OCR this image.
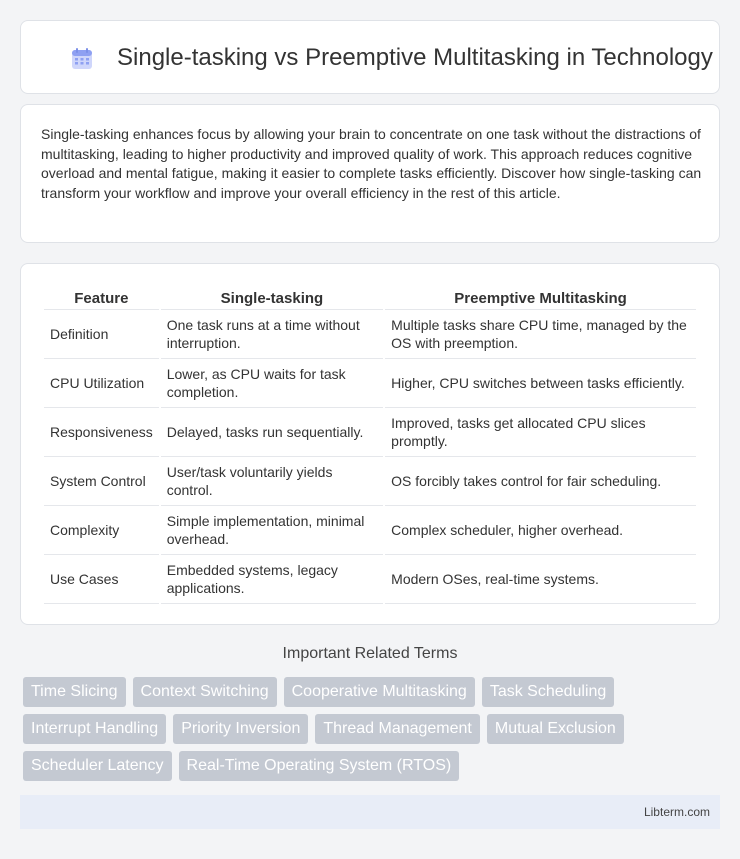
Single-tasking vs Preemptive Multitasking in Technology

Single-tasking enhances focus by allowing your brain to concentrate on one task without the distractions of multitasking, leading to higher productivity and improved quality of work. This approach reduces cognitive overload and mental fatigue, making it easier to complete tasks efficiently. Discover how single-tasking can transform your workflow and improve your overall efficiency in the rest of this article.

Feature	Single-tasking	Preemptive Multitasking
Definition	One task runs at a time without interruption.	Multiple tasks share CPU time, managed by the OS with preemption.
CPU Utilization	Lower, as CPU waits for task completion.	Higher, CPU switches between tasks efficiently.
Responsiveness	Delayed, tasks run sequentially.	Improved, tasks get allocated CPU slices promptly.
System Control	User/task voluntarily yields control.	OS forcibly takes control for fair scheduling.
Complexity	Simple implementation, minimal overhead.	Complex scheduler, higher overhead.
Use Cases	Embedded systems, legacy applications.	Modern OSes, real-time systems.
Important Related Terms
Time Slicing	Context Switching	Cooperative Multitasking	Task Scheduling
Interrupt Handling	Priority Inversion	Thread Management	Mutual Exclusion
Scheduler Latency	Real-Time Operating System (RTOS)
Libterm.com
